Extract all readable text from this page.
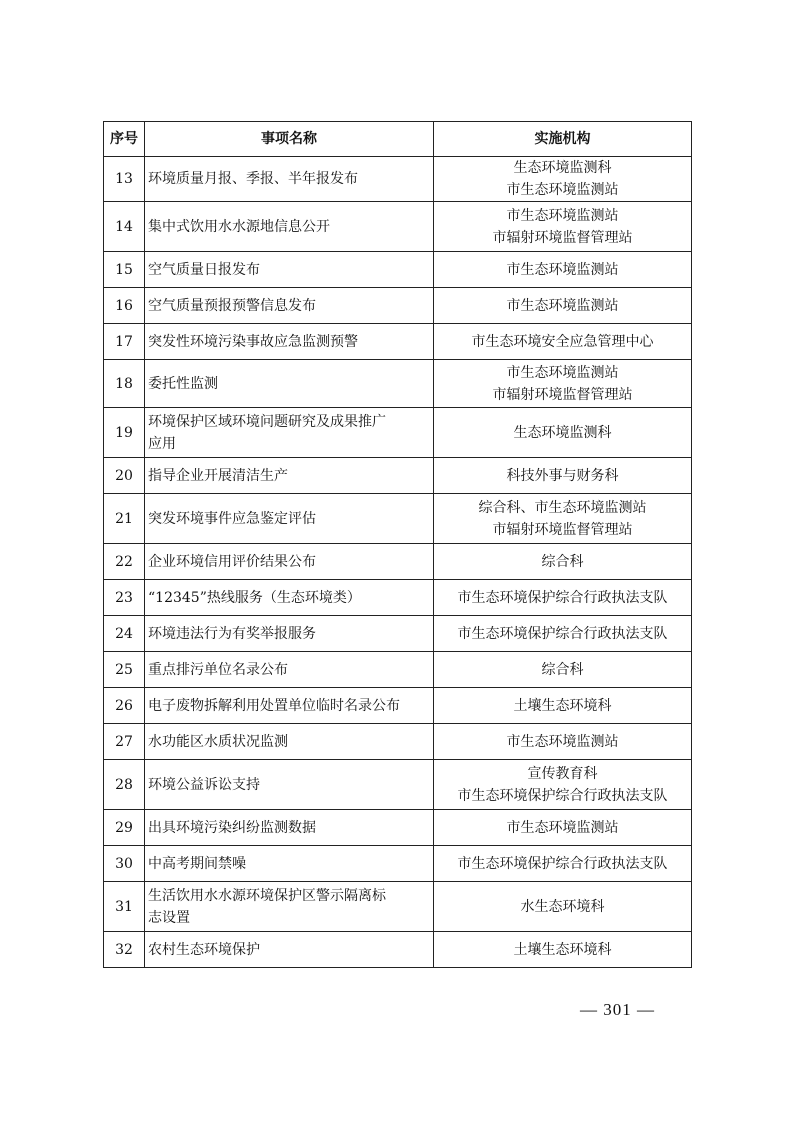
序号	事项名称	实施机构
13	环境质量月报、季报、半年报发布	生态环境监测科
市生态环境监测站

14	集中式饮用水水源地信息公开	市生态环境监测站
市辐射环境监督管理站

15	空气质量日报发布	市生态环境监测站

16	空气质量预报预警信息发布	市生态环境监测站

17	突发性环境污染事故应急监测预警	市生态环境安全应急管理中心

18	委托性监测	市生态环境监测站
市辐射环境监督管理站

19	环境保护区域环境问题研究及成果推广
应用	生态环境监测科

20	指导企业开展清洁生产	科技外事与财务科

21	突发环境事件应急鉴定评估	综合科、市生态环境监测站
市辐射环境监督管理站

22	企业环境信用评价结果公布	综合科

23	“12345”热线服务（生态环境类）	市生态环境保护综合行政执法支队

24	环境违法行为有奖举报服务	市生态环境保护综合行政执法支队

25	重点排污单位名录公布	综合科

26	电子废物拆解利用处置单位临时名录公布	土壤生态环境科

27	水功能区水质状况监测	市生态环境监测站

28	环境公益诉讼支持	宣传教育科
市生态环境保护综合行政执法支队

29	出具环境污染纠纷监测数据	市生态环境监测站

30	中高考期间禁噪	市生态环境保护综合行政执法支队

31	生活饮用水水源环境保护区警示隔离标
志设置	水生态环境科

32	农村生态环境保护	土壤生态环境科
— 301 —
